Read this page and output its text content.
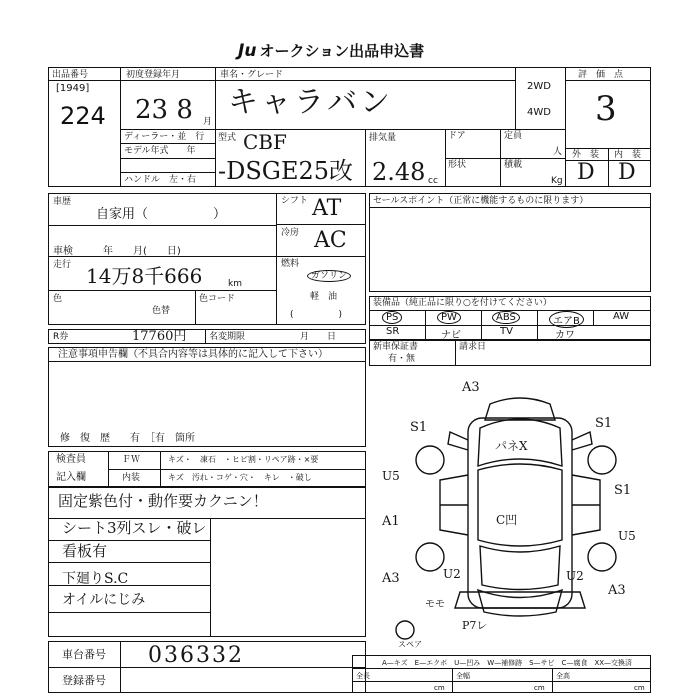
Ju オークション出品申込書
出品番号
[1949]
224
初度登録年月
23 8 月
車名・グレード
キャラバン	2WD
4WD
評　価　点
3
外　装 内　装
D D
ディーラー・並　行
モデル年式　　年
ハンドル　左・右
型式 CBF
-DSGE25改
排気量
2.48 cc
ドア
形状
定員
人
積載
Kg
車歴
自家用（　　　　　）
シフト AT
冷房 AC
車検　　　年　　月(　　日)
走行 14万8千666	km
燃料
ガソリン
軽　油
(　　　　　)
色
色替
色コード
R券	17760円	名変期限	月　　日
セールスポイント（正常に機能するものに限ります）
装備品（純正品に限り○を付けてください）
PS	PW	ABS	エアB	AW
SR	ナビ	TV	カワ
新車保証書
有・無
請求日
注意事項申告欄（不具合内容等は具体的に記入して下さい）
修　復　歴　　有　［有　箇所
検査員
記入欄
ＦＷ
内装
キズ・　凍石　・ヒビ割・リペア跡・×要
キズ　汚れ・コゲ・穴・　キレ　・破し
固定紫色付・動作要カクニン！
シート3列スレ・破レ
看板有
下廻りS.C
オイルにじみ
A3
S1	S1
パネX
U5
S1
A1
U5
A3	U2	U2
A3
C凹
モモ
P7レ
スペア
車台番号 036332
登録番号
A—キズ　E—エクボ　U—凹み　W—補修跡　S—サビ　C—腐食　XX—交換済
全長	全幅	全高
cm	cm	cm
